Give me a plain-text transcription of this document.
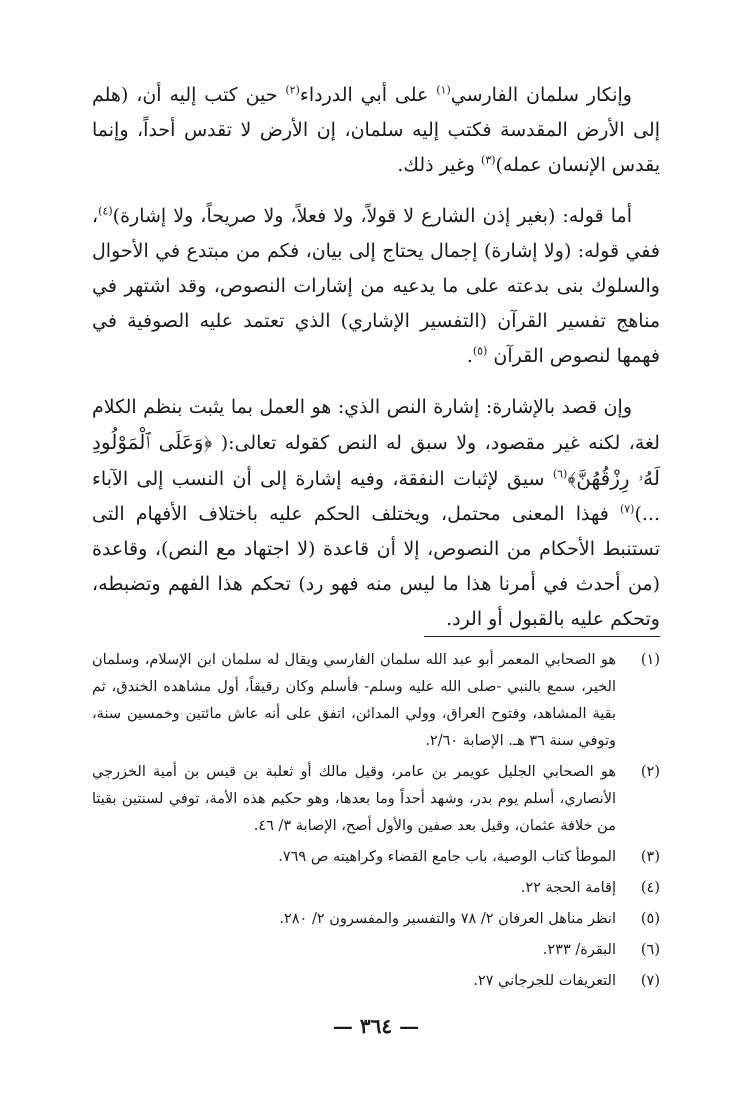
وإنكار سلمان الفارسي$^{(١)}$ على أبي الدرداء$^{(٢)}$ حين كتب إليه أن، (هلم إلى الأرض المقدسة فكتب إليه سلمان، إن الأرض لا تقدس أحداً، وإنما يقدس الإنسان عمله)$^{(٣)}$ وغير ذلك.

أما قوله: (بغير إذن الشارع لا قولاً، ولا فعلاً، ولا صريحاً، ولا إشارة)$^{(٤)}$، ففي قوله: (ولا إشارة) إجمال يحتاج إلى بيان، فكم من مبتدع في الأحوال والسلوك بنى بدعته على ما يدعيه من إشارات النصوص، وقد اشتهر في مناهج تفسير القرآن (التفسير الإشاري) الذي تعتمد عليه الصوفية في فهمها لنصوص القرآن $^{(٥)}$.

وإن قصد بالإشارة: إشارة النص الذي: هو العمل بما يثبت بنظم الكلام لغة، لكنه غير مقصود، ولا سبق له النص كقوله تعالى:( ﴿وَعَلَى ٱلْمَوْلُودِ لَهُۥ رِزْقُهُنَّ﴾$^{(٦)}$ سيق لإثبات النفقة، وفيه إشارة إلى أن النسب إلى الآباء ...)$^{(٧)}$ فهذا المعنى محتمل، ويختلف الحكم عليه باختلاف الأفهام التى تستنبط الأحكام من النصوص، إلا أن قاعدة (لا اجتهاد مع النص)، وقاعدة (من أحدث في أمرنا هذا ما ليس منه فهو رد) تحكم هذا الفهم وتضبطه، وتحكم عليه بالقبول أو الرد.

(١)
هو الصحابي المعمر أبو عبد الله سلمان الفارسي ويقال له سلمان ابن الإسلام، وسلمان الخير، سمع بالنبي -صلى الله عليه وسلم- فأسلم وكان رقيقاً، أول مشاهده الخندق، ثم بقية المشاهد، وفتوح العراق، وولي المدائن، اتفق على أنه عاش مائتين وخمسين سنة، وتوفي سنة ٣٦ هـ. الإصابة ٢/٦٠.
(٢)
هو الصحابي الجليل عويمر بن عامر، وقيل مالك أو ثعلبة بن قيس بن أمية الخزرجي الأنصاري، أسلم يوم بدر، وشهد أحداً وما بعدها، وهو حكيم هذه الأمة، توفي لسنتين بقيتا من خلافة عثمان، وقيل بعد صفين والأول أصح، الإصابة ٣/ ٤٦.
(٣)
الموطأ كتاب الوصية، باب جامع القضاء وكراهيته ص ٧٦٩.
(٤)
إقامة الحجة ٢٢.
(٥)
انظر مناهل العرفان ٢/ ٧٨ والتفسير والمفسرون ٢/ ٢٨٠.
(٦)
البقرة/ ٢٣٣.
(٧)
التعريفات للجرجاني ٢٧.
— ٣٦٤ —
